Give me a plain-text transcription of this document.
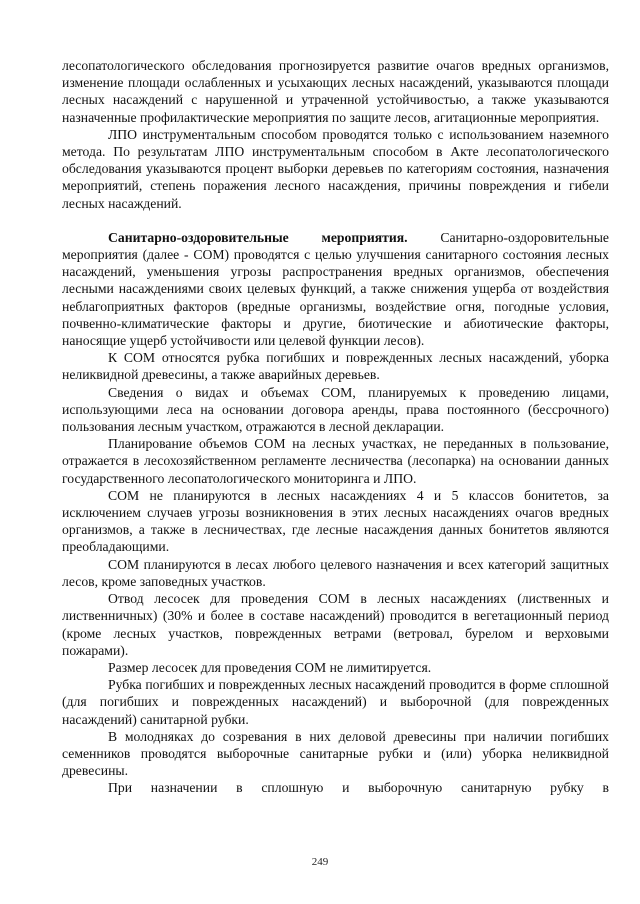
лесопатологического обследования прогнозируется развитие очагов вредных организмов, изменение площади ослабленных и усыхающих лесных насаждений, указываются площади лесных насаждений с нарушенной и утраченной устойчивостью, а также указываются назначенные профилактические мероприятия по защите лесов, агитационные мероприятия.

ЛПО инструментальным способом проводятся только с использованием наземного метода. По результатам ЛПО инструментальным способом в Акте лесопатологического обследования указываются процент выборки деревьев по категориям состояния, назначения мероприятий, степень поражения лесного насаждения, причины повреждения и гибели лесных насаждений.

Санитарно-оздоровительные мероприятия. Санитарно-оздоровительные мероприятия (далее - СОМ) проводятся с целью улучшения санитарного состояния лесных насаждений, уменьшения угрозы распространения вредных организмов, обеспечения лесными насаждениями своих целевых функций, а также снижения ущерба от воздействия неблагоприятных факторов (вредные организмы, воздействие огня, погодные условия, почвенно-климатические факторы и другие, биотические и абиотические факторы, наносящие ущерб устойчивости или целевой функции лесов).

К СОМ относятся рубка погибших и поврежденных лесных насаждений, уборка неликвидной древесины, а также аварийных деревьев.

Сведения о видах и объемах СОМ, планируемых к проведению лицами, использующими леса на основании договора аренды, права постоянного (бессрочного) пользования лесным участком, отражаются в лесной декларации.

Планирование объемов СОМ на лесных участках, не переданных в пользование, отражается в лесохозяйственном регламенте лесничества (лесопарка) на основании данных государственного лесопатологического мониторинга и ЛПО.

СОМ не планируются в лесных насаждениях 4 и 5 классов бонитетов, за исключением случаев угрозы возникновения в этих лесных насаждениях очагов вредных организмов, а также в лесничествах, где лесные насаждения данных бонитетов являются преобладающими.

СОМ планируются в лесах любого целевого назначения и всех категорий защитных лесов, кроме заповедных участков.

Отвод лесосек для проведения СОМ в лесных насаждениях (лиственных и лиственничных) (30% и более в составе насаждений) проводится в вегетационный период (кроме лесных участков, поврежденных ветрами (ветровал, бурелом и верховыми пожарами).

Размер лесосек для проведения СОМ не лимитируется.

Рубка погибших и поврежденных лесных насаждений проводится в форме сплошной (для погибших и поврежденных насаждений) и выборочной (для поврежденных насаждений) санитарной рубки.

В молодняках до созревания в них деловой древесины при наличии погибших семенников проводятся выборочные санитарные рубки и (или) уборка неликвидной древесины.

При назначении в сплошную и выборочную санитарную рубку в

249
